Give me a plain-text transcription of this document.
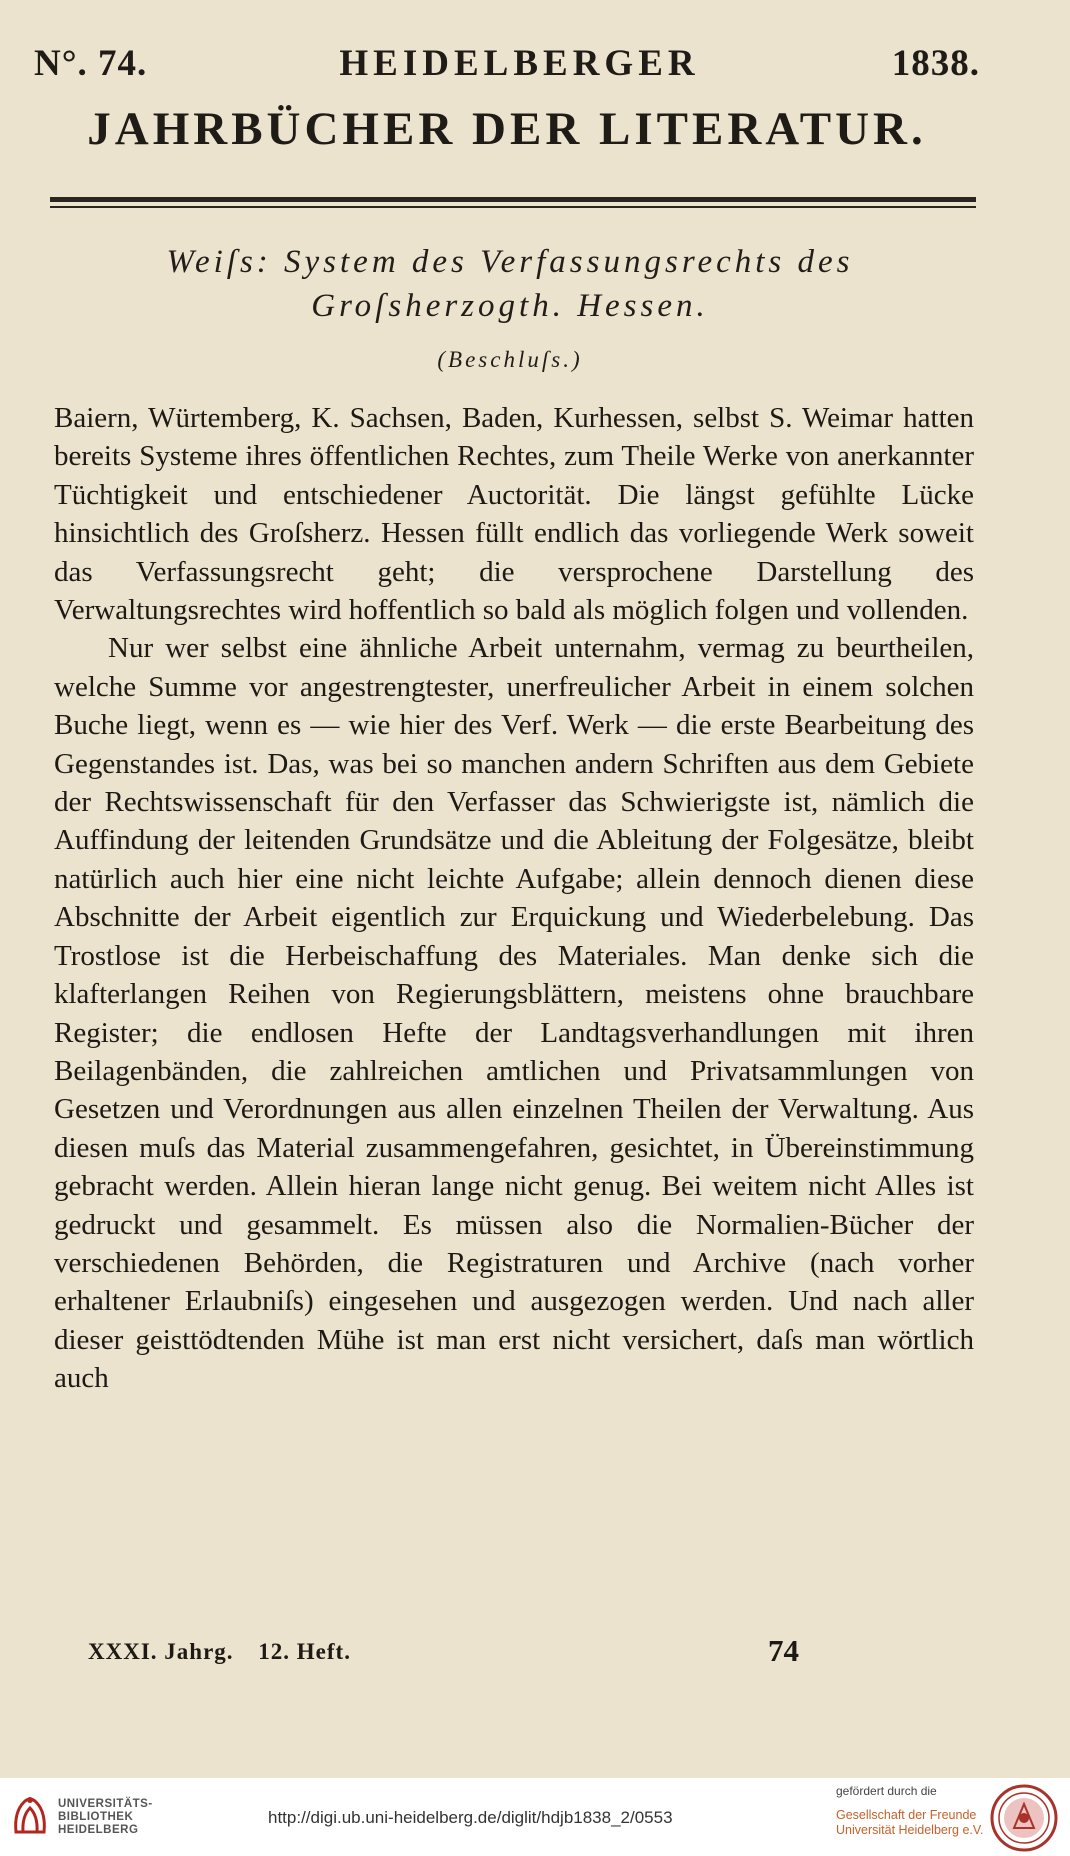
N°. 74.	HEIDELBERGER	1838.
JAHRBÜCHER DER LITERATUR.
Weiſs: System des Verfassungsrechts des
Groſsherzogth. Hessen.
(Beschluſs.)

Baiern, Würtemberg, K. Sachsen, Baden, Kurhessen, selbst S. Weimar hatten bereits Systeme ihres öffentlichen Rechtes, zum Theile Werke von anerkannter Tüchtigkeit und entschiedener Auctorität. Die längst gefühlte Lücke hinsichtlich des Groſsherz. Hessen füllt endlich das vorliegende Werk soweit das Verfassungsrecht geht; die versprochene Darstellung des Verwaltungsrechtes wird hoffentlich so bald als möglich folgen und vollenden.

Nur wer selbst eine ähnliche Arbeit unternahm, vermag zu beurtheilen, welche Summe vor angestrengtester, unerfreulicher Arbeit in einem solchen Buche liegt, wenn es — wie hier des Verf. Werk — die erste Bearbeitung des Gegenstandes ist. Das, was bei so manchen andern Schriften aus dem Gebiete der Rechtswissenschaft für den Verfasser das Schwierigste ist, nämlich die Auffindung der leitenden Grundsätze und die Ableitung der Folgesätze, bleibt natürlich auch hier eine nicht leichte Aufgabe; allein dennoch dienen diese Abschnitte der Arbeit eigentlich zur Erquickung und Wiederbelebung. Das Trostlose ist die Herbeischaffung des Materiales. Man denke sich die klafterlangen Reihen von Regierungsblättern, meistens ohne brauchbare Register; die endlosen Hefte der Landtagsverhandlungen mit ihren Beilagenbänden, die zahlreichen amtlichen und Privatsammlungen von Gesetzen und Verordnungen aus allen einzelnen Theilen der Verwaltung. Aus diesen muſs das Material zusammengefahren, gesichtet, in Übereinstimmung gebracht werden. Allein hieran lange nicht genug. Bei weitem nicht Alles ist gedruckt und gesammelt. Es müssen also die Normalien-Bücher der verschiedenen Behörden, die Registraturen und Archive (nach vorher erhaltener Erlaubniſs) eingesehen und ausgezogen werden. Und nach aller dieser geisttödtenden Mühe ist man erst nicht versichert, daſs man wörtlich auch

XXXI. Jahrg. 12. Heft.	74
UNIVERSITÄTS-
BIBLIOTHEK
HEIDELBERG
http://digi.ub.uni-heidelberg.de/diglit/hdjb1838_2/0553
gefördert durch die
Gesellschaft der Freunde
Universität Heidelberg e.V.
